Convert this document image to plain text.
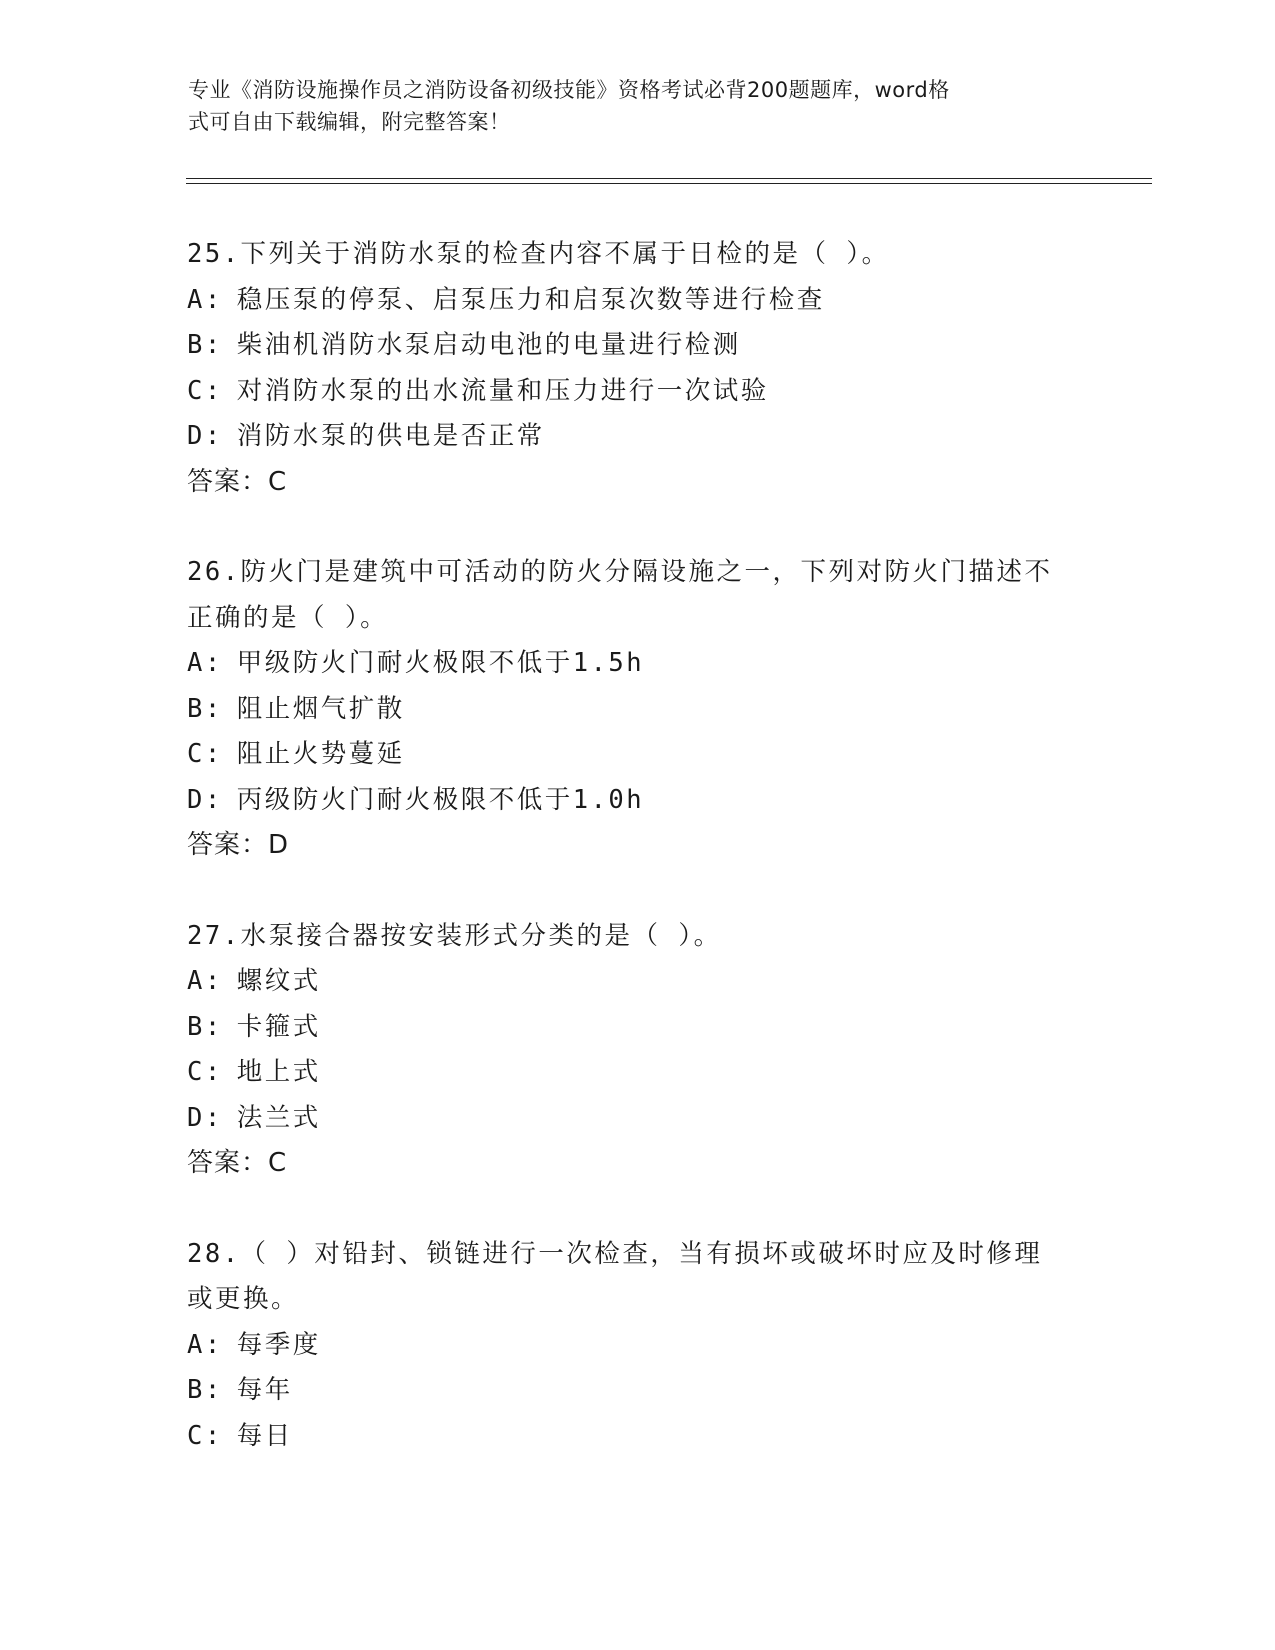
专业《消防设施操作员之消防设备初级技能》资格考试必背200题题库，word格
式可自由下载编辑，附完整答案！
25.下列关于消防水泵的检查内容不属于日检的是（ ）。
A: 稳压泵的停泵、启泵压力和启泵次数等进行检查
B: 柴油机消防水泵启动电池的电量进行检测
C: 对消防水泵的出水流量和压力进行一次试验
D: 消防水泵的供电是否正常
答案：C
26.防火门是建筑中可活动的防火分隔设施之一，下列对防火门描述不
正确的是（ ）。
A: 甲级防火门耐火极限不低于1.5h
B: 阻止烟气扩散
C: 阻止火势蔓延
D: 丙级防火门耐火极限不低于1.0h
答案：D
27.水泵接合器按安装形式分类的是（ ）。
A: 螺纹式
B: 卡箍式
C: 地上式
D: 法兰式
答案：C
28.（ ）对铅封、锁链进行一次检查，当有损坏或破坏时应及时修理
或更换。
A: 每季度
B: 每年
C: 每日
